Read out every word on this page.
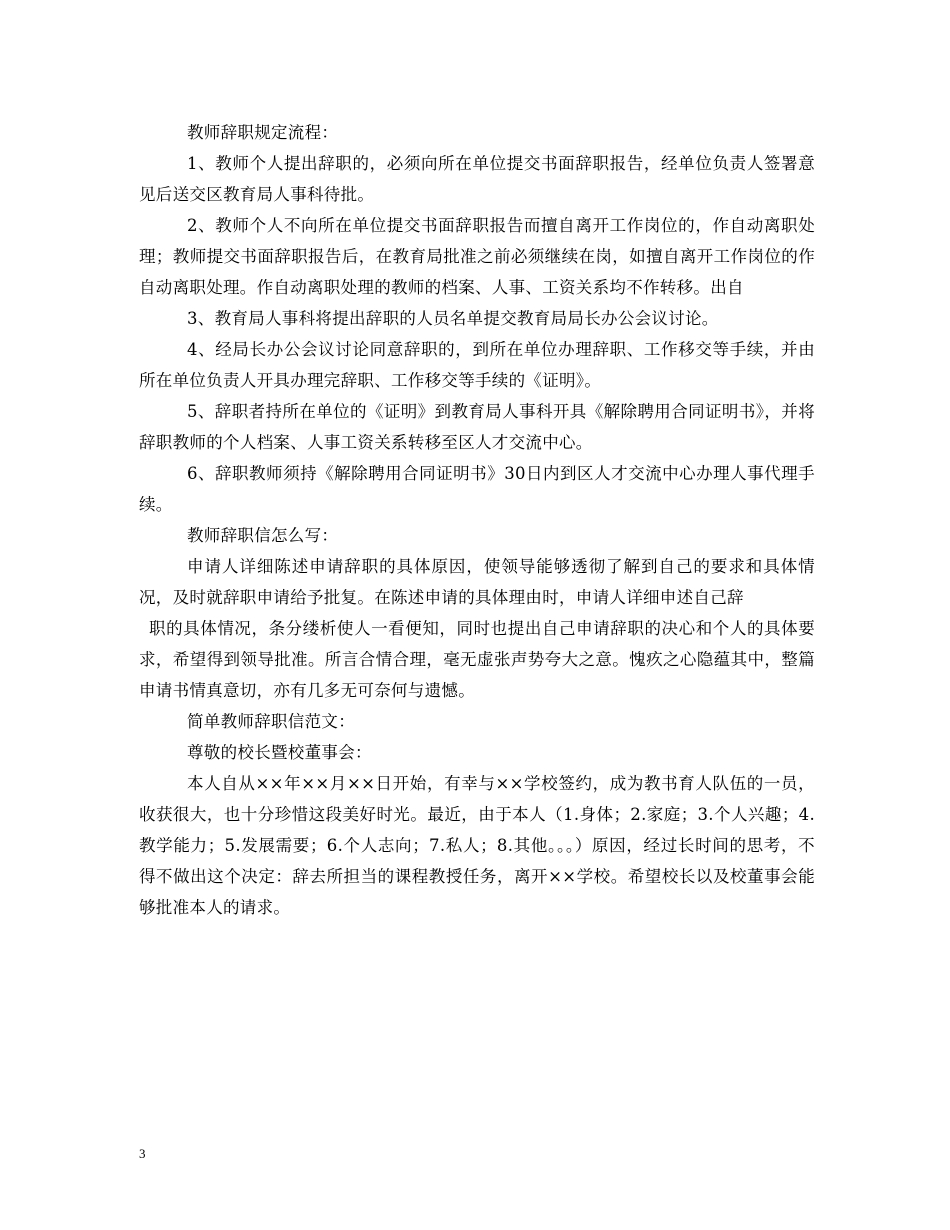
教师辞职规定流程：

1、教师个人提出辞职的，必须向所在单位提交书面辞职报告，经单位负责人签署意见后送交区教育局人事科待批。

2、教师个人不向所在单位提交书面辞职报告而擅自离开工作岗位的，作自动离职处理；教师提交书面辞职报告后，在教育局批准之前必须继续在岗，如擅自离开工作岗位的作自动离职处理。作自动离职处理的教师的档案、人事、工资关系均不作转移。出自

3、教育局人事科将提出辞职的人员名单提交教育局局长办公会议讨论。

4、经局长办公会议讨论同意辞职的，到所在单位办理辞职、工作移交等手续，并由所在单位负责人开具办理完辞职、工作移交等手续的《证明》。

5、辞职者持所在单位的《证明》到教育局人事科开具《解除聘用合同证明书》，并将辞职教师的个人档案、人事工资关系转移至区人才交流中心。

6、辞职教师须持《解除聘用合同证明书》30日内到区人才交流中心办理人事代理手续。

教师辞职信怎么写：

申请人详细陈述申请辞职的具体原因，使领导能够透彻了解到自己的要求和具体情况，及时就辞职申请给予批复。在陈述申请的具体理由时，申请人详细申述自己辞

职的具体情况，条分缕析使人一看便知，同时也提出自己申请辞职的决心和个人的具体要求，希望得到领导批准。所言合情合理，毫无虚张声势夸大之意。愧疚之心隐蕴其中，整篇申请书情真意切，亦有几多无可奈何与遗憾。

简单教师辞职信范文：

尊敬的校长暨校董事会：

本人自从××年××月××日开始，有幸与××学校签约，成为教书育人队伍的一员，收获很大，也十分珍惜这段美好时光。最近，由于本人（1.身体；2.家庭；3.个人兴趣；4.教学能力；5.发展需要；6.个人志向；7.私人；8.其他。。。）原因，经过长时间的思考，不得不做出这个决定：辞去所担当的课程教授任务，离开××学校。希望校长以及校董事会能够批准本人的请求。

3
